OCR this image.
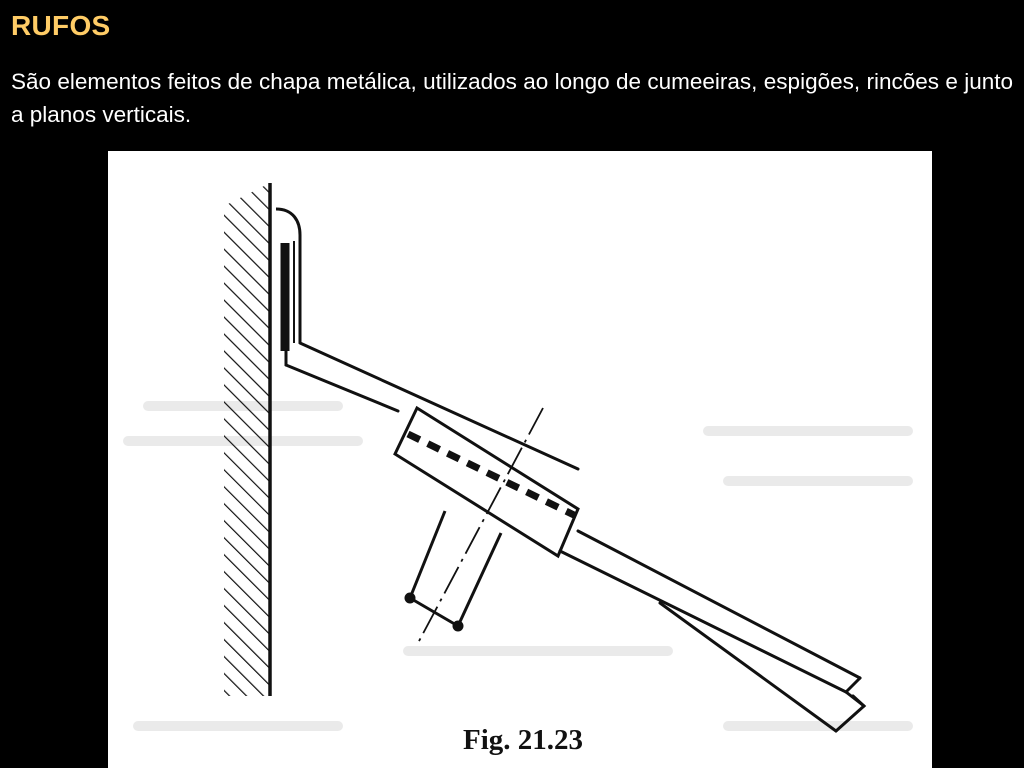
RUFOS
São elementos feitos de chapa metálica, utilizados ao longo de cumeeiras, espigões, rincões e junto a planos verticais.
Fig. 21.23
